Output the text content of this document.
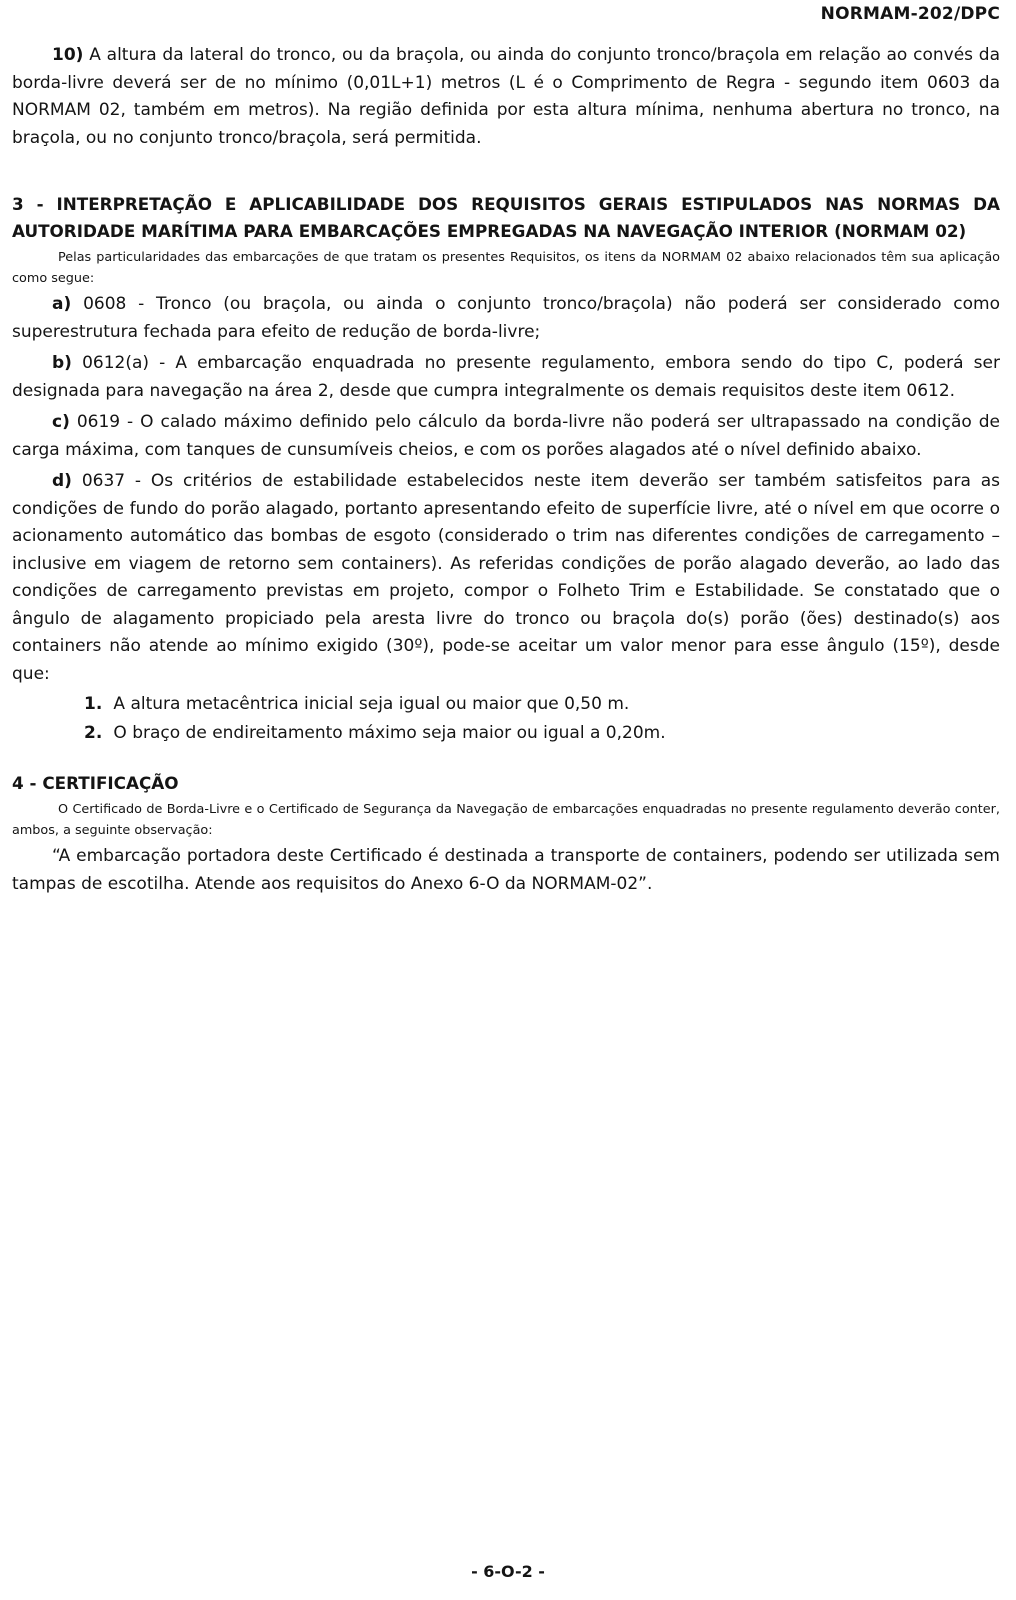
NORMAM-202/DPC

10) A altura da lateral do tronco, ou da braçola, ou ainda do conjunto tronco/braçola em relação ao convés da borda-livre deverá ser de no mínimo (0,01L+1) metros (L é o Comprimento de Regra - segundo item 0603 da NORMAM 02, também em metros). Na região definida por esta altura mínima, nenhuma abertura no tronco, na braçola, ou no conjunto tronco/braçola, será permitida.

3 - INTERPRETAÇÃO E APLICABILIDADE DOS REQUISITOS GERAIS ESTIPULADOS NAS NORMAS DA AUTORIDADE MARÍTIMA PARA EMBARCAÇÕES EMPREGADAS NA NAVEGAÇÃO INTERIOR (NORMAM 02)

Pelas particularidades das embarcações de que tratam os presentes Requisitos, os itens da NORMAM 02 abaixo relacionados têm sua aplicação como segue:

a) 0608 - Tronco (ou braçola, ou ainda o conjunto tronco/braçola) não poderá ser considerado como superestrutura fechada para efeito de redução de borda-livre;

b) 0612(a) - A embarcação enquadrada no presente regulamento, embora sendo do tipo C, poderá ser designada para navegação na área 2, desde que cumpra integralmente os demais requisitos deste item 0612.

c) 0619 - O calado máximo definido pelo cálculo da borda-livre não poderá ser ultrapassado na condição de carga máxima, com tanques de cunsumíveis cheios, e com os porões alagados até o nível definido abaixo.

d) 0637 - Os critérios de estabilidade estabelecidos neste item deverão ser também satisfeitos para as condições de fundo do porão alagado, portanto apresentando efeito de superfície livre, até o nível em que ocorre o acionamento automático das bombas de esgoto (considerado o trim nas diferentes condições de carregamento – inclusive em viagem de retorno sem containers). As referidas condições de porão alagado deverão, ao lado das condições de carregamento previstas em projeto, compor o Folheto Trim e Estabilidade. Se constatado que o ângulo de alagamento propiciado pela aresta livre do tronco ou braçola do(s) porão (ões) destinado(s) aos containers não atende ao mínimo exigido (30º), pode-se aceitar um valor menor para esse ângulo (15º), desde que:

1. A altura metacêntrica inicial seja igual ou maior que 0,50 m.
2. O braço de endireitamento máximo seja maior ou igual a 0,20m.

4 - CERTIFICAÇÃO

O Certificado de Borda-Livre e o Certificado de Segurança da Navegação de embarcações enquadradas no presente regulamento deverão conter, ambos, a seguinte observação:

“A embarcação portadora deste Certificado é destinada a transporte de containers, podendo ser utilizada sem tampas de escotilha. Atende aos requisitos do Anexo 6-O da NORMAM-02”.

- 6-O-2 -
